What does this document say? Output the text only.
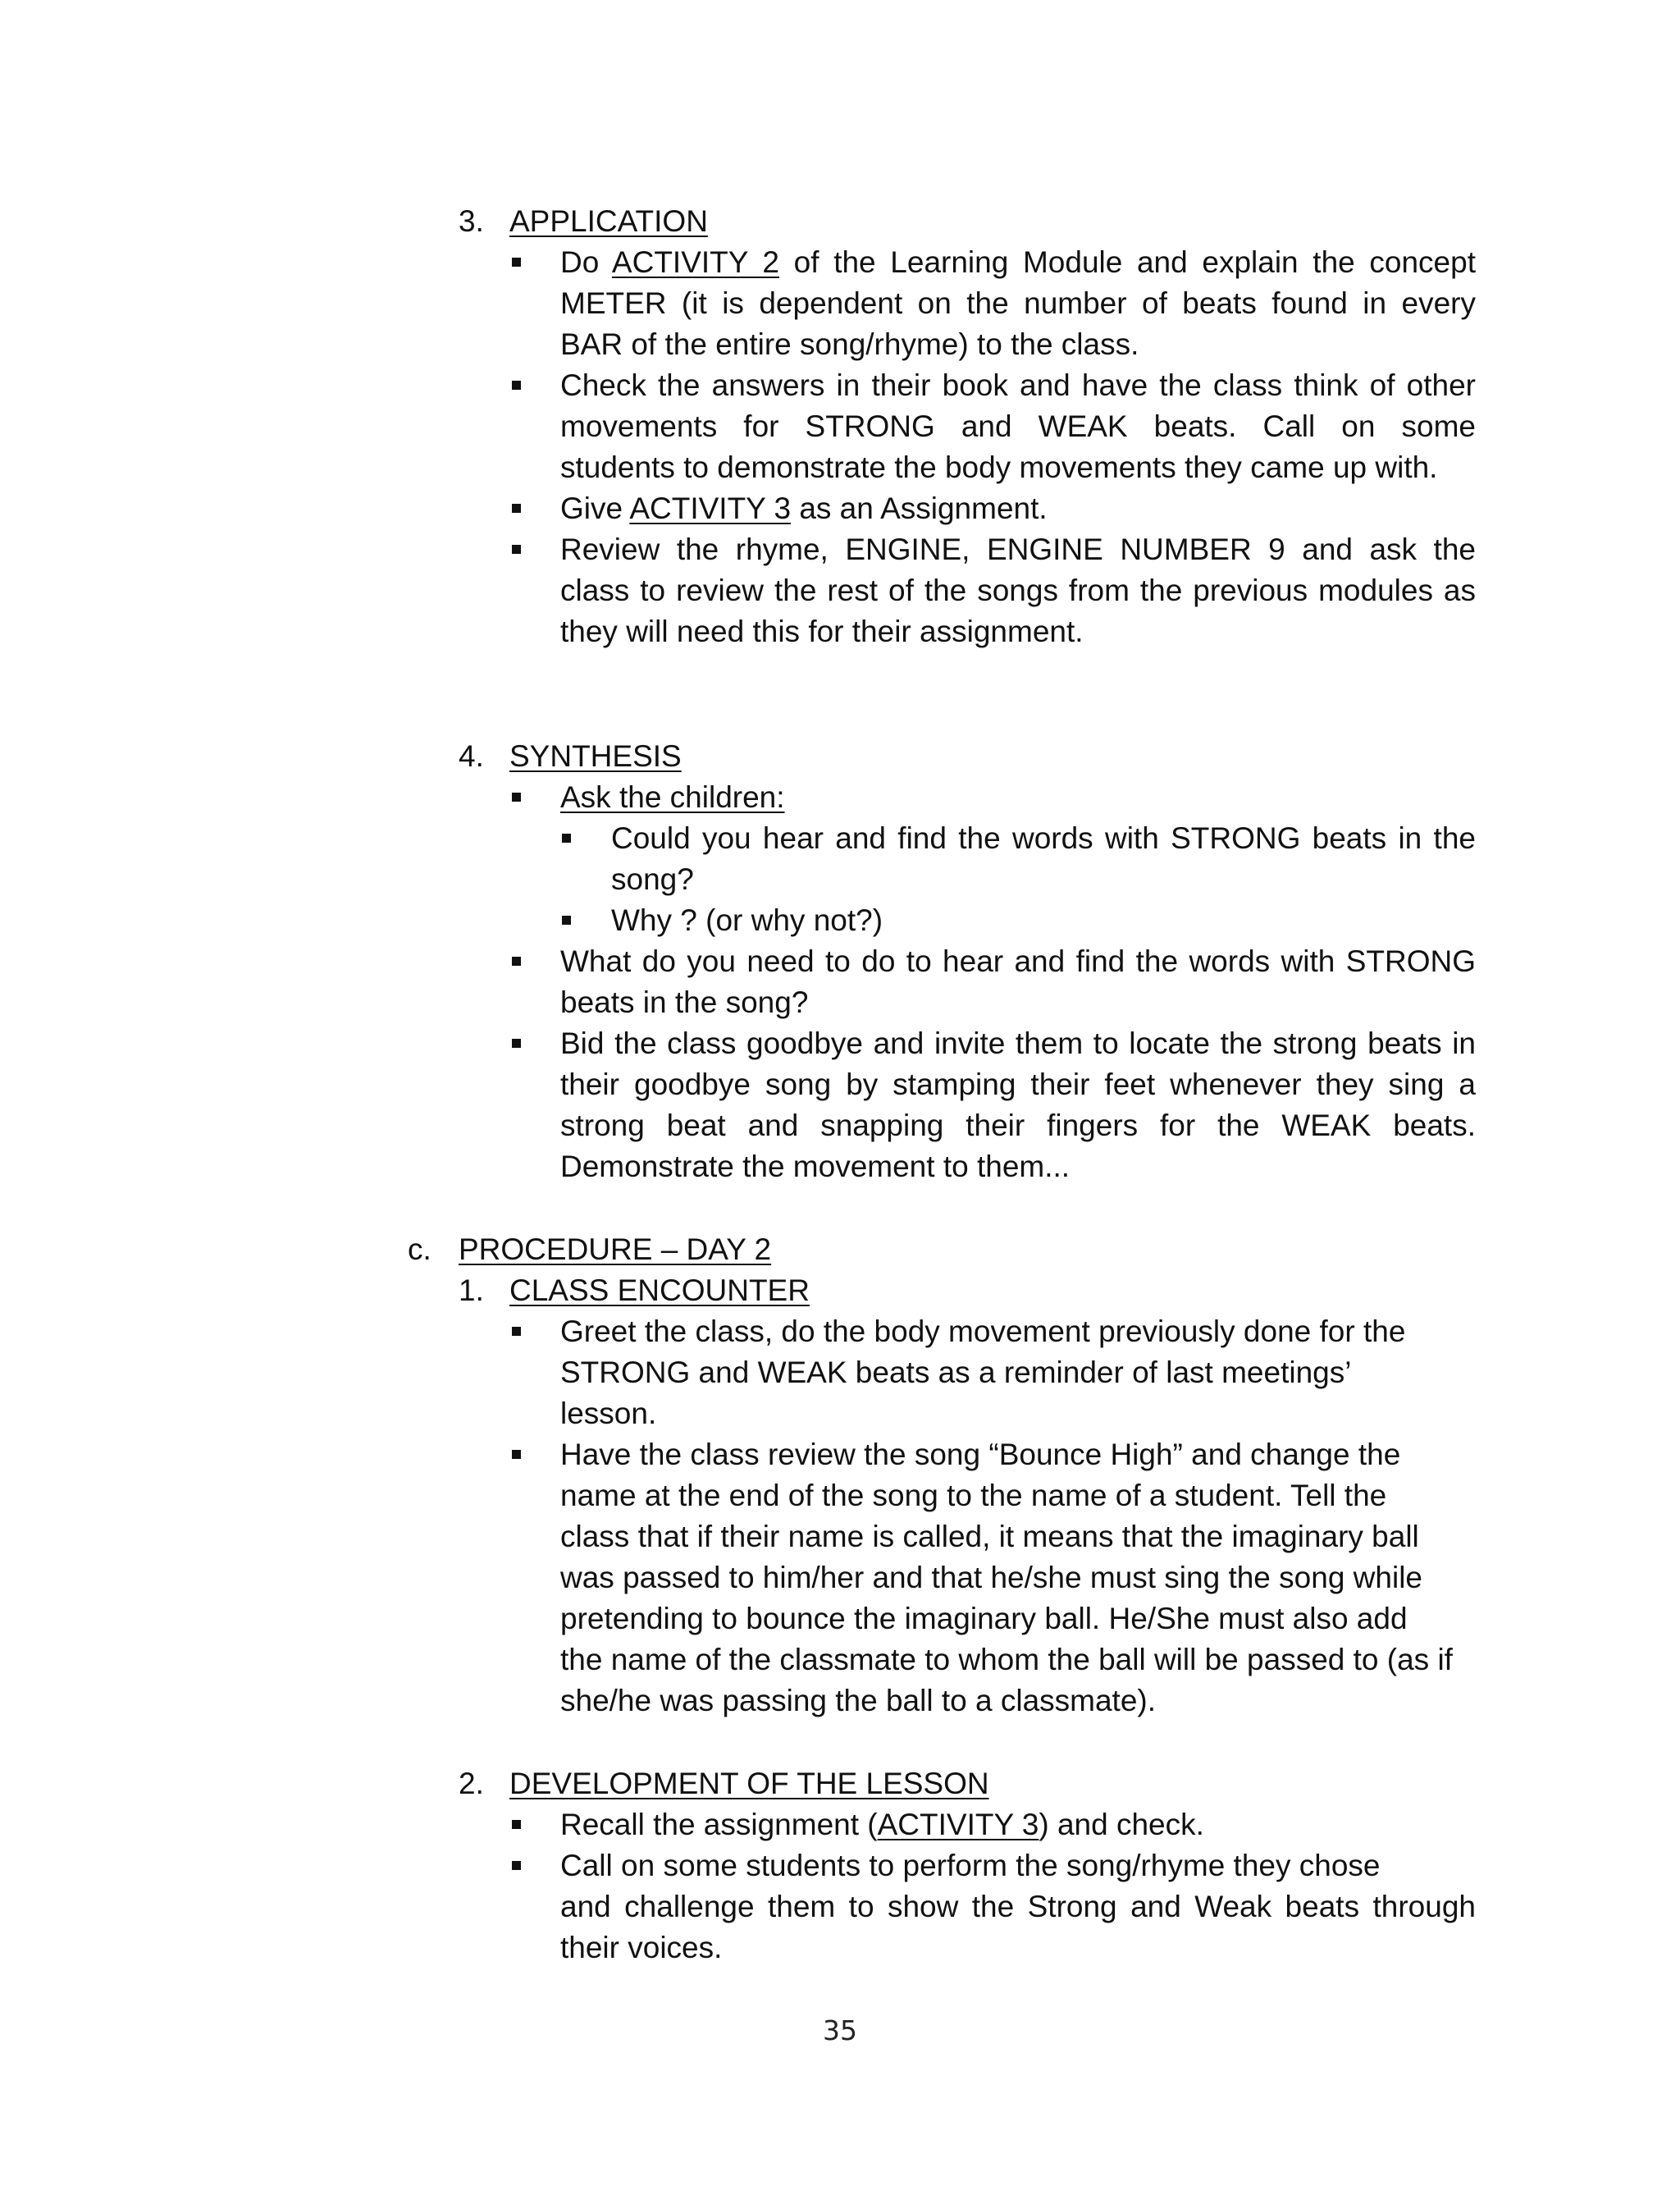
3. APPLICATION
Do ACTIVITY 2 of the Learning Module and explain the concept
METER (it is dependent on the number of beats found in every
BAR of the entire song/rhyme) to the class.
Check the answers in their book and have the class think of other
movements for STRONG and WEAK beats. Call on some
students to demonstrate the body movements they came up with.
Give ACTIVITY 3 as an Assignment.
Review the rhyme, ENGINE, ENGINE NUMBER 9 and ask the
class to review the rest of the songs from the previous modules as
they will need this for their assignment.
4. SYNTHESIS
Ask the children:
Could you hear and find the words with STRONG beats in the
song?
Why ? (or why not?)
What do you need to do to hear and find the words with STRONG
beats in the song?
Bid the class goodbye and invite them to locate the strong beats in
their goodbye song by stamping their feet whenever they sing a
strong beat and snapping their fingers for the WEAK beats.
Demonstrate the movement to them...
c. PROCEDURE – DAY 2
1. CLASS ENCOUNTER
Greet the class, do the body movement previously done for the
STRONG and WEAK beats as a reminder of last meetings’
lesson.
Have the class review the song “Bounce High” and change the
name at the end of the song to the name of a student. Tell the
class that if their name is called, it means that the imaginary ball
was passed to him/her and that he/she must sing the song while
pretending to bounce the imaginary ball. He/She must also add
the name of the classmate to whom the ball will be passed to (as if
she/he was passing the ball to a classmate).
2. DEVELOPMENT OF THE LESSON
Recall the assignment (ACTIVITY 3) and check.
Call on some students to perform the song/rhyme they chose
and challenge them to show the Strong and Weak beats through
their voices.
35
